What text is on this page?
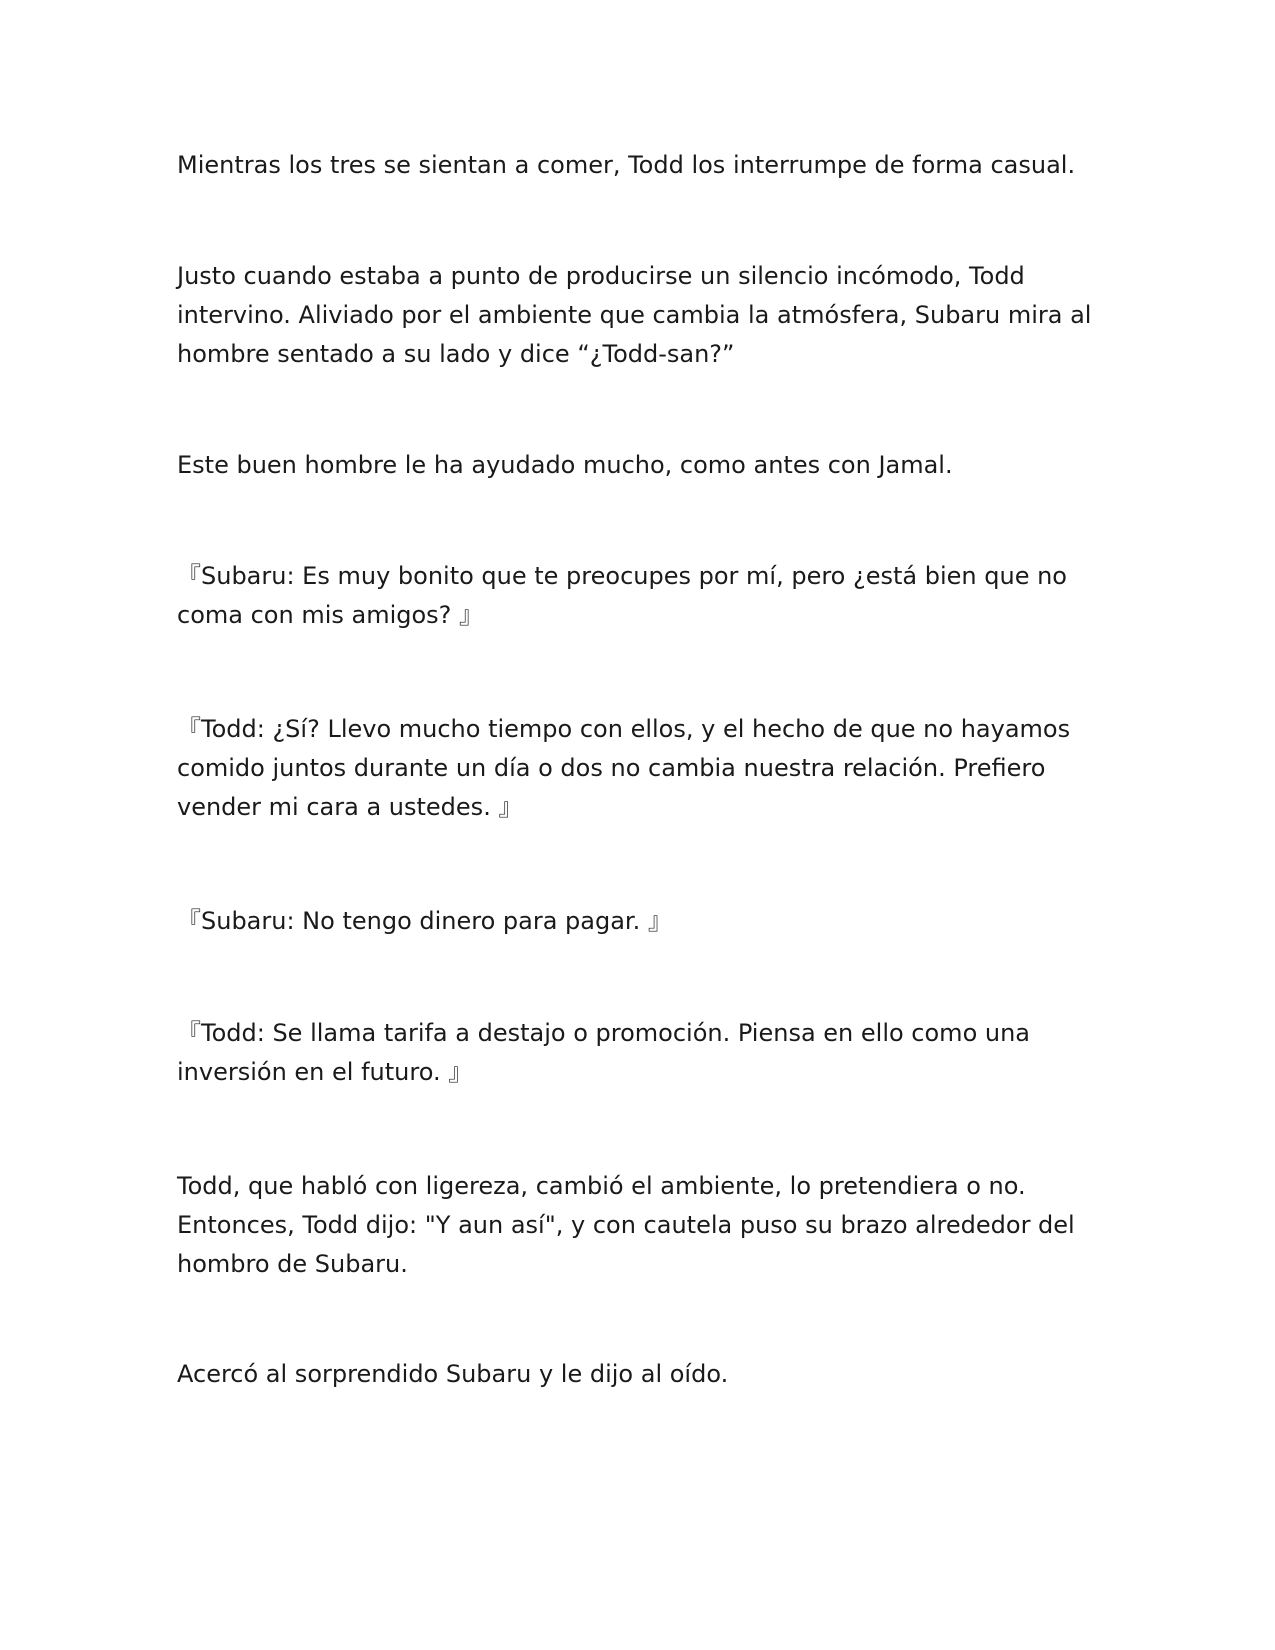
Mientras los tres se sientan a comer, Todd los interrumpe de forma casual.

Justo cuando estaba a punto de producirse un silencio incómodo, Todd
intervino. Aliviado por el ambiente que cambia la atmósfera, Subaru mira al
hombre sentado a su lado y dice “¿Todd-san?”

Este buen hombre le ha ayudado mucho, como antes con Jamal.

『Subaru: Es muy bonito que te preocupes por mí, pero ¿está bien que no
coma con mis amigos? 』

『Todd: ¿Sí? Llevo mucho tiempo con ellos, y el hecho de que no hayamos
comido juntos durante un día o dos no cambia nuestra relación. Prefiero
vender mi cara a ustedes. 』

『Subaru: No tengo dinero para pagar. 』

『Todd: Se llama tarifa a destajo o promoción. Piensa en ello como una
inversión en el futuro. 』

Todd, que habló con ligereza, cambió el ambiente, lo pretendiera o no.
Entonces, Todd dijo: "Y aun así", y con cautela puso su brazo alrededor del
hombro de Subaru.

Acercó al sorprendido Subaru y le dijo al oído.
